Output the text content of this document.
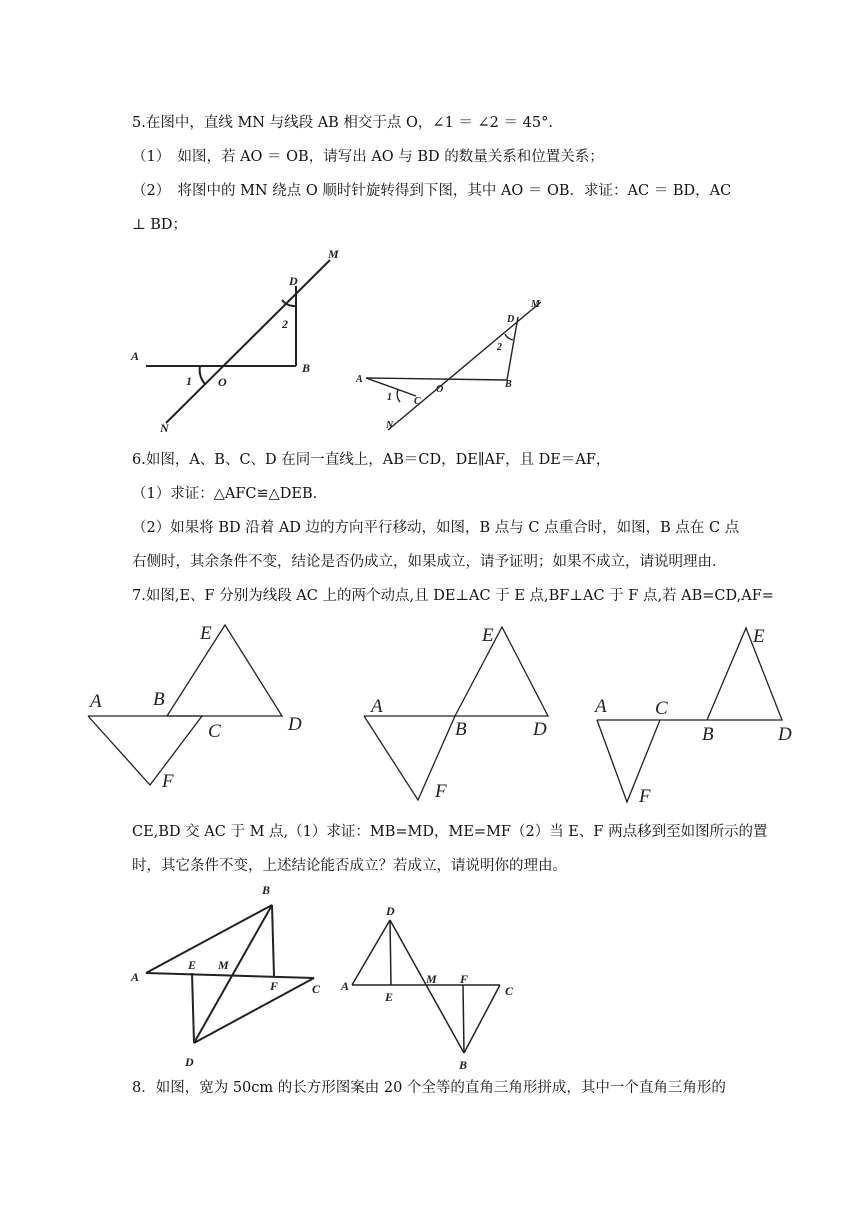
5.在图中，直线 MN 与线段 AB 相交于点 O，∠1 ＝ ∠2 ＝ 45°.
（1）　如图，若 AO ＝ OB，请写出 AO 与 BD 的数量关系和位置关系；
（2）　将图中的 MN 绕点 O 顺时针旋转得到下图，其中 AO ＝ OB．求证：AC ＝ BD，AC
⊥ BD；
M
D
2
A
B
1 O
N
M
D
2
A
O	B
1 C
N
6.如图，A、B、C、D 在同一直线上，AB＝CD，DE∥AF，且 DE＝AF，
（1）求证：△AFC≌△DEB.
（2）如果将 BD 沿着 AD 边的方向平行移动，如图，B 点与 C 点重合时，如图，B 点在 C 点
右侧时，其余条件不变，结论是否仍成立，如果成立，请予证明；如果不成立，请说明理由．
7.如图,E、F 分别为线段 AC 上的两个动点,且 DE⊥AC 于 E 点,BF⊥AC 于 F 点,若 AB=CD,AF=
E
A	B
C	D
F
E
A
B	D
F
E
A	C
B	D
F
CE,BD 交 AC 于 M 点,（1）求证：MB=MD，ME=MF（2）当 E、F 两点移到至如图所示的置
时，其它条件不变，上述结论能否成立？若成立，请说明你的理由。
B
A
E M
F	C
D
D
A	M F
E	C
B
8．如图，宽为 50cm 的长方形图案由 20 个全等的直角三角形拼成，其中一个直角三角形的
